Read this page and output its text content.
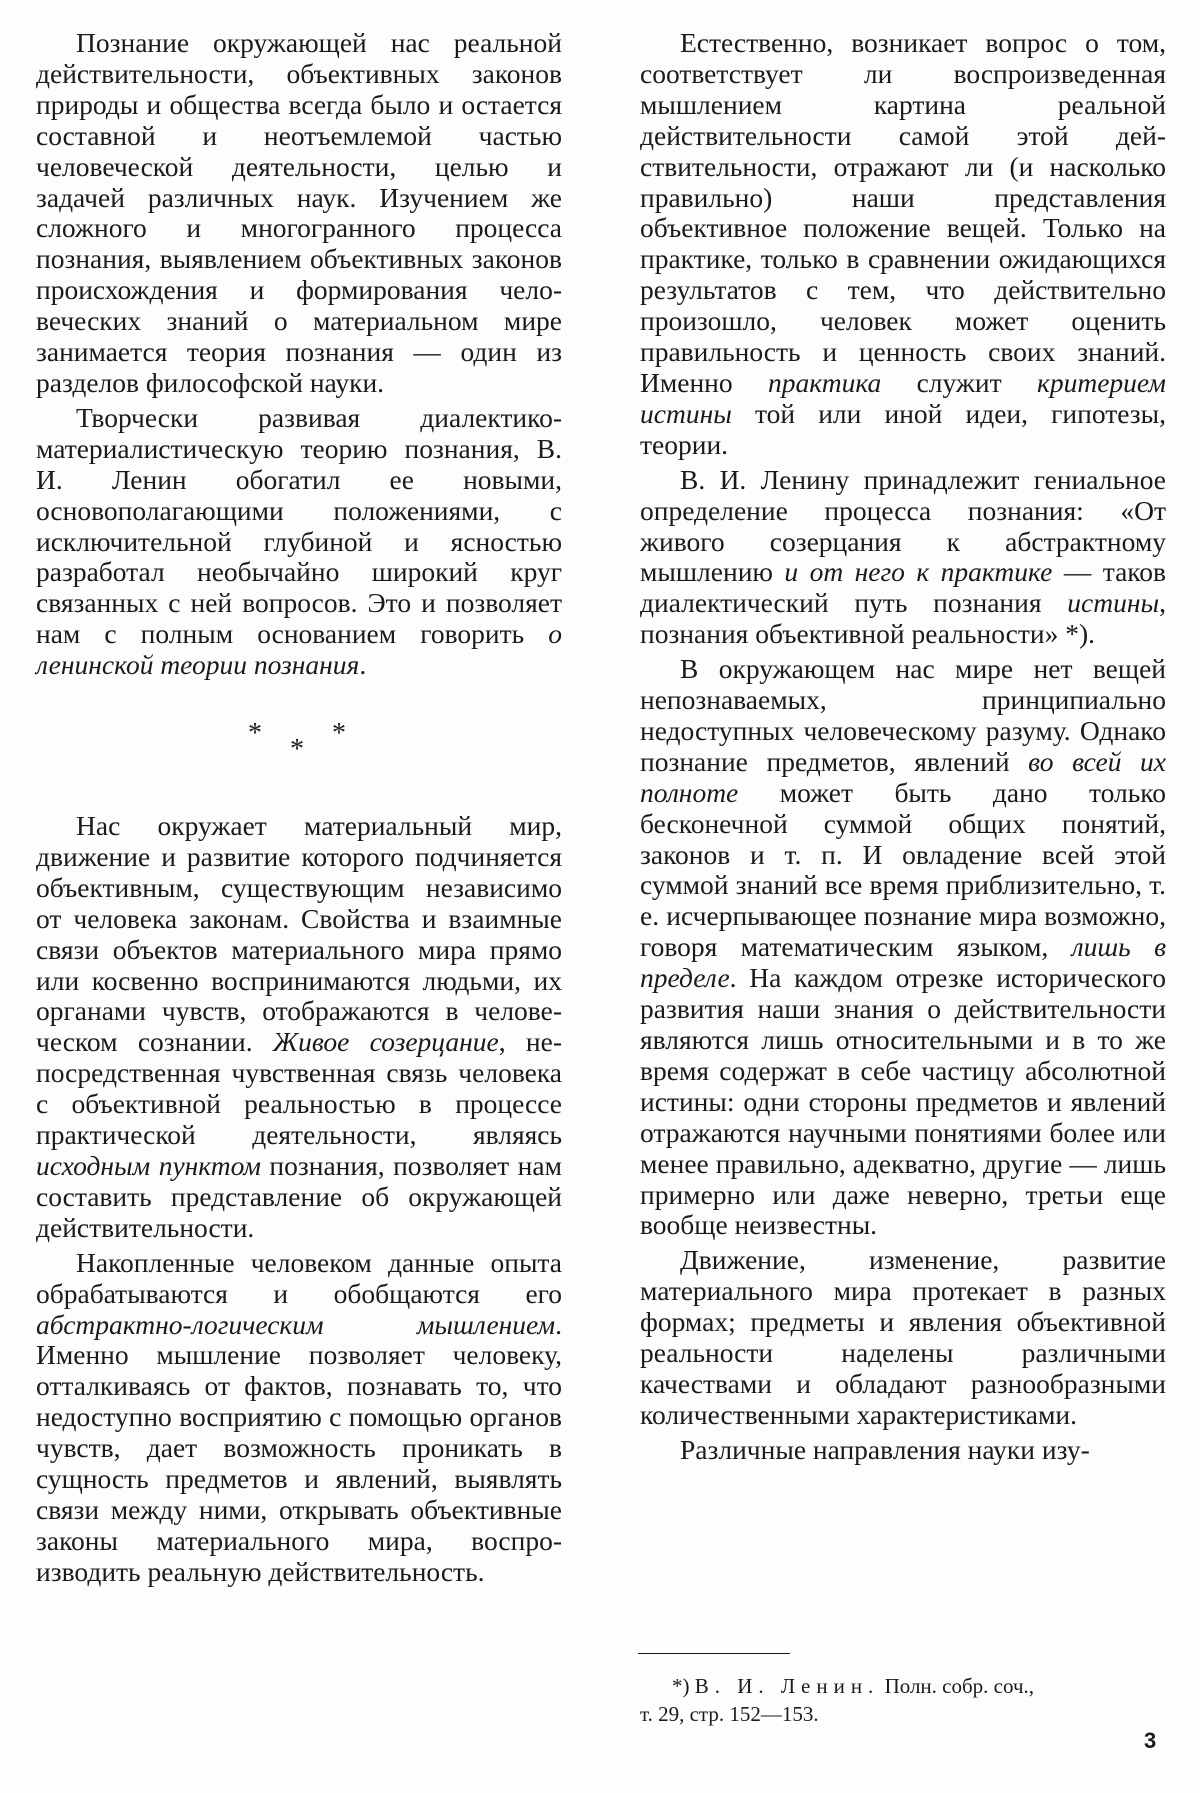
Познание окружающей нас реальной действительности, объективных законов природы и общества всегда было и остается составной и неотъемлемой частью человеческой деятельности, целью и задачей различных наук. Изучением же сложного и многогранного процесса познания, выявлением объективных законов происхождения и формирования человеческих знаний о материальном мире занимается теория познания — один из разделов философской науки.

Творчески развивая диалектико-материалистическую теорию познания, В. И. Ленин обогатил ее новыми, основополагающими положениями, с исключительной глубиной и ясностью разработал необычайно широкий круг связанных с ней вопросов. Это и позволяет нам с полным основанием говорить о ленинской теории познания.

*
*
*

Нас окружает материальный мир, движение и развитие которого подчиняется объективным, существующим независимо от человека законам. Свойства и взаимные связи объектов материального мира прямо или косвенно воспринимаются людьми, их органами чувств, отображаются в человеческом сознании. Живое созерцание, непосредственная чувственная связь человека с объективной реальностью в процессе практической деятельности, являясь исходным пунктом познания, позволяет нам составить представление об окружающей действительности.

Накопленные человеком данные опыта обрабатываются и обобщаются его абстрактно-логическим мышлением. Именно мышление позволяет человеку, отталкиваясь от фактов, познавать то, что недоступно восприятию с помощью органов чувств, дает возможность проникать в сущность предметов и явлений, выявлять связи между ними, открывать объективные законы материального мира, воспроизводить реальную действительность.

Естественно, возникает вопрос о том, соответствует ли воспроизведенная мышлением картина реальной действительности самой этой действительности, отражают ли (и насколько правильно) наши представления объективное положение вещей. Только на практике, только в сравнении ожидающихся результатов с тем, что действительно произошло, человек может оценить правильность и ценность своих знаний. Именно практика служит критерием истины той или иной идеи, гипотезы, теории.

В. И. Ленину принадлежит гениальное определение процесса познания: «От живого созерцания к абстрактному мышлению и от него к практике — таков диалектический путь познания истины, познания объективной реальности» *).

В окружающем нас мире нет вещей непознаваемых, принципиально недоступных человеческому разуму. Однако познание предметов, явлений во всей их полноте может быть дано только бесконечной суммой общих понятий, законов и т. п. И овладение всей этой суммой знаний все время приблизительно, т. е. исчерпывающее познание мира возможно, говоря математическим языком, лишь в пределе. На каждом отрезке исторического развития наши знания о действительности являются лишь относительными и в то же время содержат в себе частицу абсолютной истины: одни стороны предметов и явлений отражаются научными понятиями более или менее правильно, адекватно, другие — лишь примерно или даже неверно, третьи еще вообще неизвестны.

Движение, изменение, развитие материального мира протекает в разных формах; предметы и явления объективной реальности наделены различными качествами и обладают разнообразными количественными характеристиками.

Различные направления науки изу-

*) В. И. Ленин. Полн. собр. соч.,

т. 29, стр. 152—153.

3
